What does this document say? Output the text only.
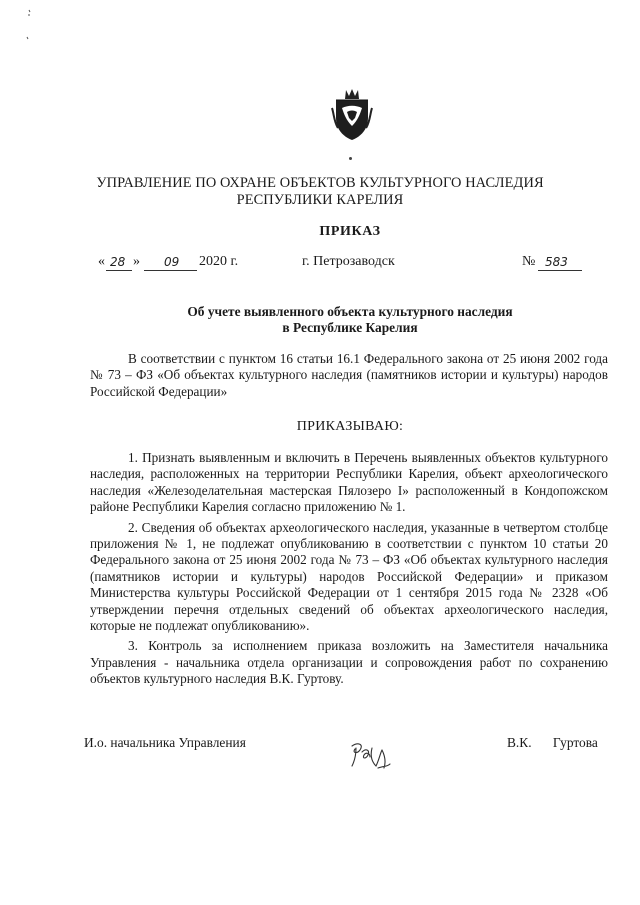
УПРАВЛЕНИЕ ПО ОХРАНЕ ОБЪЕКТОВ КУЛЬТУРНОГО НАСЛЕДИЯ
РЕСПУБЛИКИ КАРЕЛИЯ
ПРИКАЗ
« 28 » 09 2020 г.	г. Петрозаводск	№ 583
Об учете выявленного объекта культурного наследия
в Республике Карелия

В соответствии с пунктом 16 статьи 16.1 Федерального закона от 25 июня 2002 года № 73 – ФЗ «Об объектах культурного наследия (памятников истории и культуры) народов Российской Федерации»

ПРИКАЗЫВАЮ:

1. Признать выявленным и включить в Перечень выявленных объектов культурного наследия, расположенных на территории Республики Карелия, объект археологического наследия «Железоделательная мастерская Пялозеро I» расположенный в Кондопожском районе Республики Карелия согласно приложению № 1.

2. Сведения об объектах археологического наследия, указанные в четвертом столбце приложения № 1, не подлежат опубликованию в соответствии с пунктом 10 статьи 20 Федерального закона от 25 июня 2002 года № 73 – ФЗ «Об объектах культурного наследия (памятников истории и культуры) народов Российской Федерации» и приказом Министерства культуры Российской Федерации от 1 сентября 2015 года № 2328 «Об утверждении перечня отдельных сведений об объектах археологического наследия, которые не подлежат опубликованию».

3. Контроль за исполнением приказа возложить на Заместителя начальника Управления - начальника отдела организации и сопровождения работ по сохранению объектов культурного наследия В.К. Гуртову.

И.о. начальника Управления	В.К. Гуртова
